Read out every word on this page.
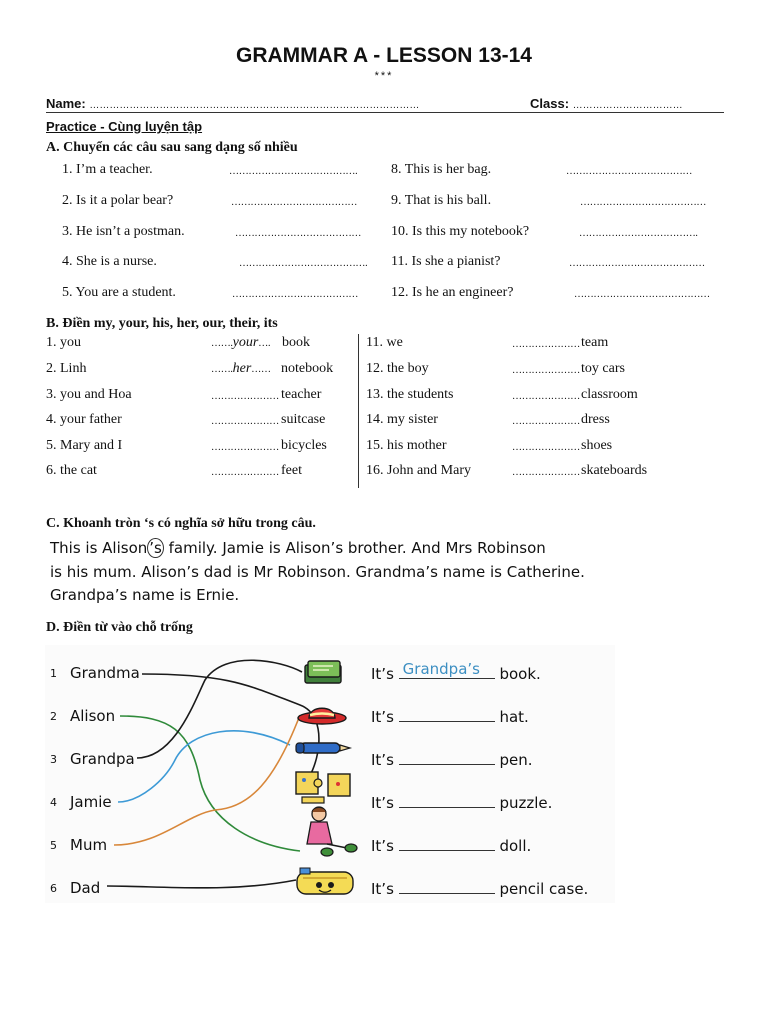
GRAMMAR A - LESSON 13-14
***
Name: ………………………………………………………………………………………	Class: ……………………………
Practice - Cùng luyện tập
A. Chuyển các câu sau sang dạng số nhiều
1. I’m a teacher.	………………………………….
2. Is it a polar bear?	…………………………………
3. He isn’t a postman.	…………………………………
4. She is a nurse.	………………………………….
5. You are a student.	…………………………………
8. This is her bag.	…………………………………
9. That is his ball.	…………………………………
10. Is this my notebook?	……………………………….
11. Is she a pianist?	……………………………………
12. Is he an engineer?	……………………………………
B. Điền my, your, his, her, our, their, its
1. you	…….your…. book
2. Linh	…….her…… notebook
3. you and Hoa	………………… teacher
4. your father	………………… suitcase
5. Mary and I	………………… bicycles
6. the cat	………………… feet
11. we	………………… team
12. the boy	………………… toy cars
13. the students	………………… classroom
14. my sister	………………… dress
15. his mother	………………… shoes
16. John and Mary	………………… skateboards
C. Khoanh tròn ‘s có nghĩa sở hữu trong câu.
This is Alison ’s family. Jamie is Alison’s brother. And Mrs Robinson
is his mum. Alison’s dad is Mr Robinson. Grandma’s name is Catherine.
Grandpa’s name is Ernie.
D. Điền từ vào chỗ trống
1 Grandma
2 Alison
3 Grandpa
4 Jamie
5 Mum
6 Dad
It’s Grandpa’s book.
It’s	hat.
It’s	pen.
It’s	puzzle.
It’s	doll.
It’s	pencil case.
